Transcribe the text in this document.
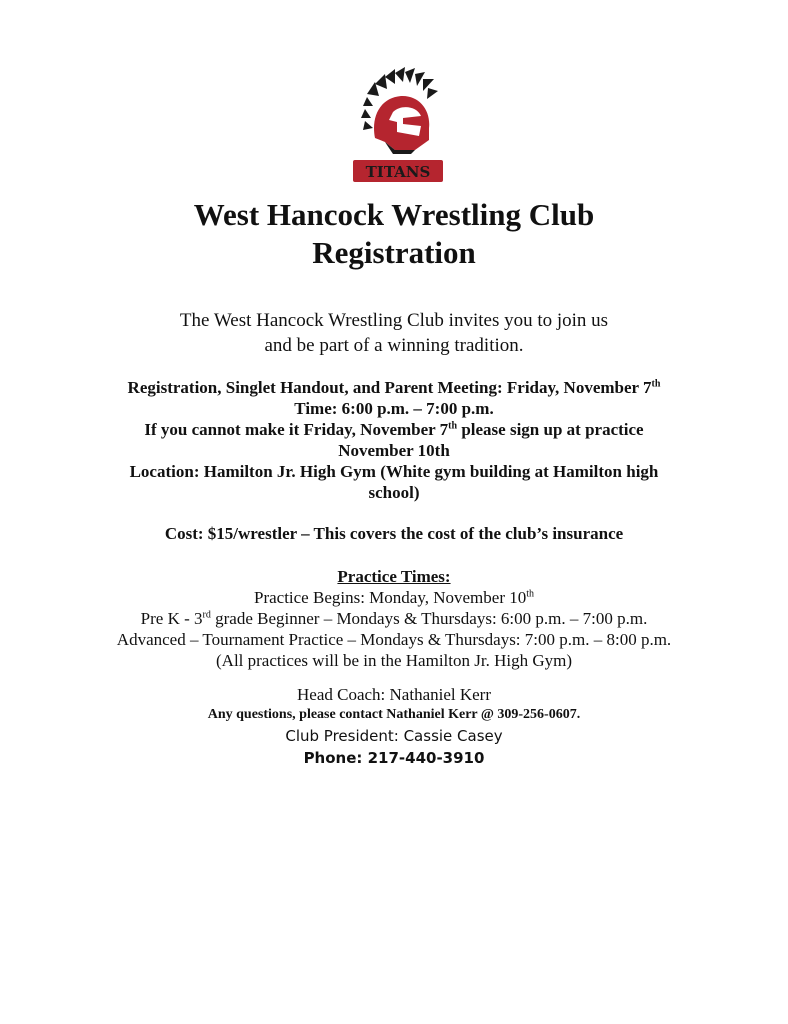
TITANS

West Hancock Wrestling Club

Registration

The West Hancock Wrestling Club invites you to join us

and be part of a winning tradition.

Registration, Singlet Handout, and Parent Meeting: Friday, November 7th

Time: 6:00 p.m. – 7:00 p.m.

If you cannot make it Friday, November 7th please sign up at practice

November 10th

Location: Hamilton Jr. High Gym (White gym building at Hamilton high

school)

Cost: $15/wrestler – This covers the cost of the club’s insurance

Practice Times:

Practice Begins: Monday, November 10th

Pre K - 3rd grade Beginner – Mondays & Thursdays: 6:00 p.m. – 7:00 p.m.

Advanced – Tournament Practice – Mondays & Thursdays: 7:00 p.m. – 8:00 p.m.

(All practices will be in the Hamilton Jr. High Gym)

Head Coach: Nathaniel Kerr

Any questions, please contact Nathaniel Kerr @ 309-256-0607.

Club President: Cassie Casey

Phone: 217-440-3910
